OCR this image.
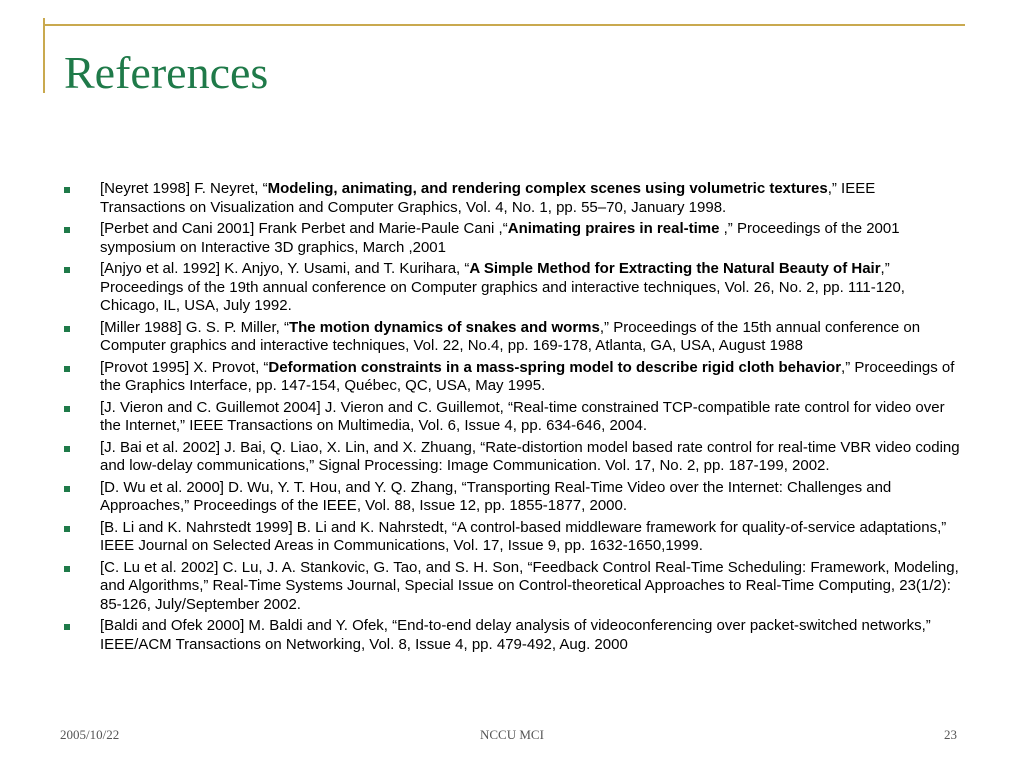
References
[Neyret 1998] F. Neyret, “Modeling, animating, and rendering complex scenes using volumetric textures,” IEEE Transactions on Visualization and Computer Graphics, Vol. 4, No. 1, pp. 55–70, January 1998.
[Perbet and Cani 2001] Frank Perbet and Marie-Paule Cani ,“Animating praires in real-time ,” Proceedings of the 2001 symposium on Interactive 3D graphics, March ,2001
[Anjyo et al. 1992] K. Anjyo, Y. Usami, and T. Kurihara, “A Simple Method for Extracting the Natural Beauty of Hair,” Proceedings of the 19th annual conference on Computer graphics and interactive techniques, Vol. 26, No. 2, pp. 111-120, Chicago, IL, USA, July 1992.
[Miller 1988] G. S. P. Miller, “The motion dynamics of snakes and worms,” Proceedings of the 15th annual conference on Computer graphics and interactive techniques, Vol. 22, No.4, pp. 169-178, Atlanta, GA, USA, August 1988
[Provot 1995] X. Provot, “Deformation constraints in a mass-spring model to describe rigid cloth behavior,” Proceedings of the Graphics Interface, pp. 147-154, Québec, QC, USA, May 1995.
[J. Vieron and C. Guillemot 2004] J. Vieron and C. Guillemot, “Real-time constrained TCP-compatible rate control for video over the Internet,” IEEE Transactions on Multimedia, Vol. 6, Issue 4, pp. 634-646, 2004.
[J. Bai et al. 2002] J. Bai, Q. Liao, X. Lin, and X. Zhuang, “Rate-distortion model based rate control for real-time VBR video coding and low-delay communications,” Signal Processing: Image Communication. Vol. 17, No. 2, pp. 187-199, 2002.
[D. Wu et al. 2000] D. Wu, Y. T. Hou, and Y. Q. Zhang, “Transporting Real-Time Video over the Internet: Challenges and Approaches,” Proceedings of the IEEE, Vol. 88, Issue 12, pp. 1855-1877, 2000.
[B. Li and K. Nahrstedt 1999] B. Li and K. Nahrstedt, “A control-based middleware framework for quality-of-service adaptations,” IEEE Journal on Selected Areas in Communications, Vol. 17, Issue 9, pp. 1632-1650,1999.
[C. Lu et al. 2002] C. Lu, J. A. Stankovic, G. Tao, and S. H. Son, “Feedback Control Real-Time Scheduling: Framework, Modeling, and Algorithms,” Real-Time Systems Journal, Special Issue on Control-theoretical Approaches to Real-Time Computing, 23(1/2): 85-126, July/September 2002.
[Baldi and Ofek 2000] M. Baldi and Y. Ofek, “End-to-end delay analysis of videoconferencing over packet-switched networks,” IEEE/ACM Transactions on Networking, Vol. 8, Issue 4, pp. 479-492, Aug. 2000
2005/10/22	NCCU MCI	23
